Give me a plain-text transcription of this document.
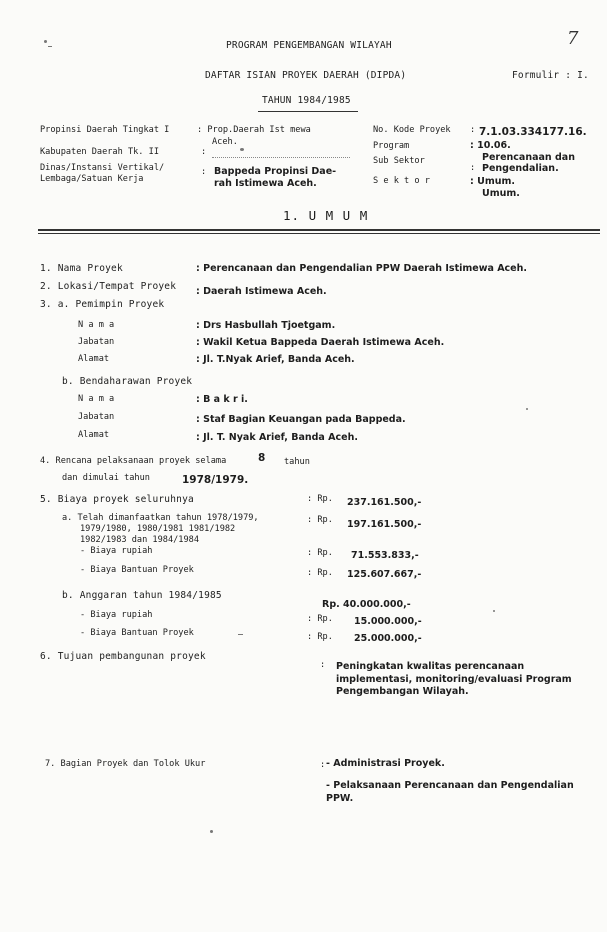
7
PROGRAM PENGEMBANGAN WILAYAH
DAFTAR ISIAN PROYEK DAERAH (DIPDA)	Formulir : I.
TAHUN 1984/1985
Propinsi Daerah Tingkat I	: Prop.Daerah Ist mewa
Aceh.
Kabupaten Daerah Tk. II	:
Dinas/Instansi Vertikal/
Lembaga/Satuan Kerja
: Bappeda Propinsi Dae-
rah Istimewa Aceh.
No. Kode Proyek : 7.1.03.334177.16.
Program	: 10.06.
Sub Sektor	Perencanaan dan
: Pengendalian.
S e k t o r	: Umum.
Umum.
1. U M U M
1. Nama Proyek	: Perencanaan dan Pengendalian PPW Daerah Istimewa Aceh.
2. Lokasi/Tempat Proyek : Daerah Istimewa Aceh.
3. a. Pemimpin Proyek
N a m a	: Drs Hasbullah Tjoetgam.
Jabatan	: Wakil Ketua Bappeda Daerah Istimewa Aceh.
Alamat	: Jl. T.Nyak Arief, Banda Aceh.
b. Bendaharawan Proyek
N a m a	: B a k r i.
Jabatan	: Staf Bagian Keuangan pada Bappeda.
Alamat	: Jl. T. Nyak Arief, Banda Aceh.
4. Rencana pelaksanaan proyek selama	8 tahun
dan dimulai tahun	1978/1979.
5. Biaya proyek seluruhnya	: Rp. 237.161.500,-
a. Telah dimanfaatkan tahun 1978/1979,
1979/1980, 1980/1981 1981/1982
1982/1983 dan 1984/1984
: Rp. 197.161.500,-
- Biaya rupiah	: Rp. 71.553.833,-
- Biaya Bantuan Proyek	: Rp. 125.607.667,-
b. Anggaran tahun 1984/1985
Rp. 40.000.000,-
- Biaya rupiah	: Rp. 15.000.000,-
- Biaya Bantuan Proyek	: Rp. 25.000.000,-
6. Tujuan pembangunan proyek
: Peningkatan kwalitas perencanaan implementasi, monitoring/evaluasi Program Pengembangan Wilayah.
7. Bagian Proyek dan Tolok Ukur	: - Administrasi Proyek.
- Pelaksanaan Perencanaan dan Pengendalian PPW.
